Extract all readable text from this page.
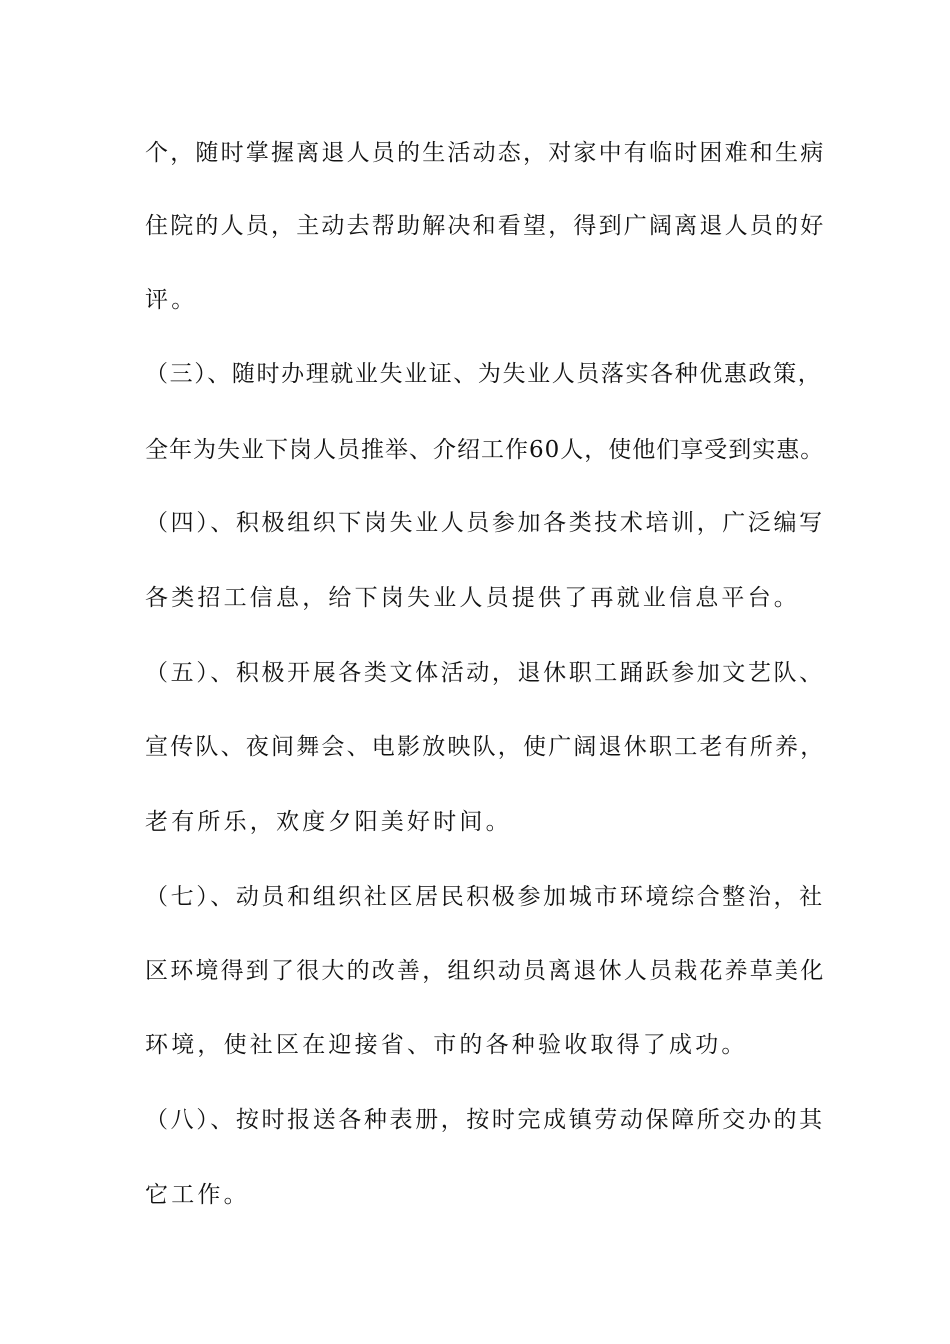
个，随时掌握离退人员的生活动态，对家中有临时困难和生病
住院的人员，主动去帮助解决和看望，得到广阔离退人员的好
评。
（三）、随时办理就业失业证、为失业人员落实各种优惠政策，
全年为失业下岗人员推举、介绍工作60人，使他们享受到实惠。
（四）、积极组织下岗失业人员参加各类技术培训，广泛编写
各类招工信息，给下岗失业人员提供了再就业信息平台。
（五）、积极开展各类文体活动，退休职工踊跃参加文艺队、
宣传队、夜间舞会、电影放映队，使广阔退休职工老有所养，
老有所乐，欢度夕阳美好时间。
（七）、动员和组织社区居民积极参加城市环境综合整治，社
区环境得到了很大的改善，组织动员离退休人员栽花养草美化
环境，使社区在迎接省、市的各种验收取得了成功。
（八）、按时报送各种表册，按时完成镇劳动保障所交办的其
它工作。
